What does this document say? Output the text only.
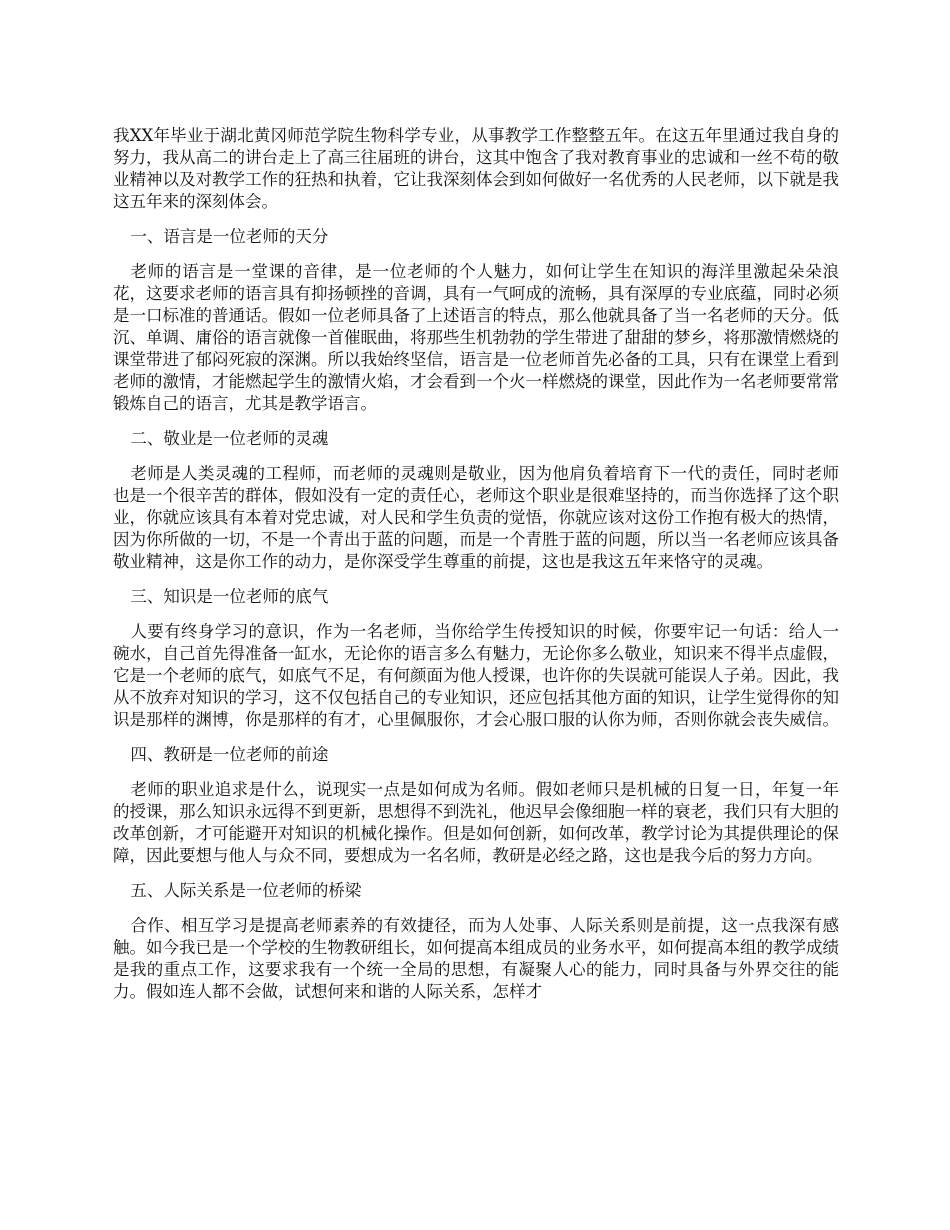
我XX年毕业于湖北黄冈师范学院生物科学专业，从事教学工作整整五年。在这五年里通过我自身的努力，我从高二的讲台走上了高三往届班的讲台，这其中饱含了我对教育事业的忠诚和一丝不苟的敬业精神以及对教学工作的狂热和执着，它让我深刻体会到如何做好一名优秀的人民老师，以下就是我这五年来的深刻体会。

一、语言是一位老师的天分

老师的语言是一堂课的音律，是一位老师的个人魅力，如何让学生在知识的海洋里激起朵朵浪花，这要求老师的语言具有抑扬顿挫的音调，具有一气呵成的流畅，具有深厚的专业底蕴，同时必须是一口标准的普通话。假如一位老师具备了上述语言的特点，那么他就具备了当一名老师的天分。低沉、单调、庸俗的语言就像一首催眠曲，将那些生机勃勃的学生带进了甜甜的梦乡，将那激情燃烧的课堂带进了郁闷死寂的深渊。所以我始终坚信，语言是一位老师首先必备的工具，只有在课堂上看到老师的激情，才能燃起学生的激情火焰，才会看到一个火一样燃烧的课堂，因此作为一名老师要常常锻炼自己的语言，尤其是教学语言。

二、敬业是一位老师的灵魂

老师是人类灵魂的工程师，而老师的灵魂则是敬业，因为他肩负着培育下一代的责任，同时老师也是一个很辛苦的群体，假如没有一定的责任心，老师这个职业是很难坚持的，而当你选择了这个职业，你就应该具有本着对党忠诚，对人民和学生负责的觉悟，你就应该对这份工作抱有极大的热情，因为你所做的一切，不是一个青出于蓝的问题，而是一个青胜于蓝的问题，所以当一名老师应该具备敬业精神，这是你工作的动力，是你深受学生尊重的前提，这也是我这五年来恪守的灵魂。

三、知识是一位老师的底气

人要有终身学习的意识，作为一名老师，当你给学生传授知识的时候，你要牢记一句话：给人一碗水，自己首先得准备一缸水，无论你的语言多么有魅力，无论你多么敬业，知识来不得半点虚假，它是一个老师的底气，如底气不足，有何颜面为他人授课，也许你的失误就可能误人子弟。因此，我从不放弃对知识的学习，这不仅包括自己的专业知识，还应包括其他方面的知识，让学生觉得你的知识是那样的渊博，你是那样的有才，心里佩服你，才会心服口服的认你为师，否则你就会丧失威信。

四、教研是一位老师的前途

老师的职业追求是什么，说现实一点是如何成为名师。假如老师只是机械的日复一日，年复一年的授课，那么知识永远得不到更新，思想得不到洗礼，他迟早会像细胞一样的衰老，我们只有大胆的改革创新，才可能避开对知识的机械化操作。但是如何创新，如何改革，教学讨论为其提供理论的保障，因此要想与他人与众不同，要想成为一名名师，教研是必经之路，这也是我今后的努力方向。

五、人际关系是一位老师的桥梁

合作、相互学习是提高老师素养的有效捷径，而为人处事、人际关系则是前提，这一点我深有感触。如今我已是一个学校的生物教研组长，如何提高本组成员的业务水平，如何提高本组的教学成绩是我的重点工作，这要求我有一个统一全局的思想，有凝聚人心的能力，同时具备与外界交往的能力。假如连人都不会做，试想何来和谐的人际关系，怎样才
